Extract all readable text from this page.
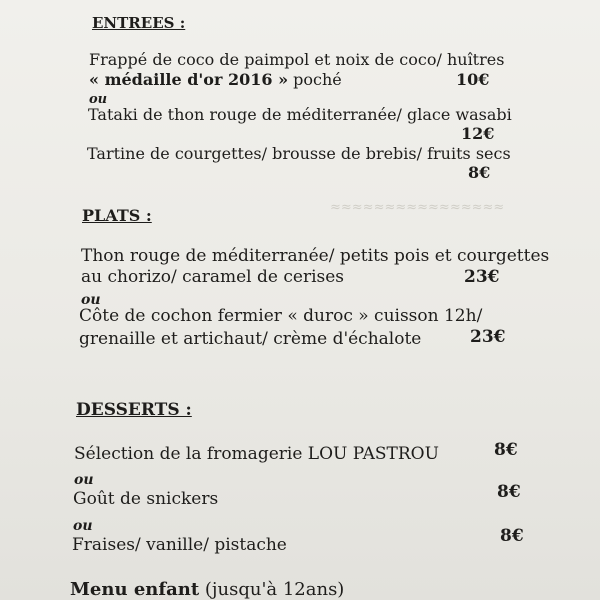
≈≈≈≈≈≈≈≈≈≈≈≈≈≈≈≈
ENTREES :
Frappé de coco de paimpol et noix de coco/ huîtres
« médaille d'or 2016 » poché	10€
ou
Tataki de thon rouge de méditerranée/ glace wasabi
12€
Tartine de courgettes/ brousse de brebis/ fruits secs
8€
PLATS :
Thon rouge de méditerranée/ petits pois et courgettes
au chorizo/ caramel de cerises	23€
ou
Côte de cochon fermier « duroc » cuisson 12h/
grenaille et artichaut/ crème d'échalote	23€
DESSERTS :
Sélection de la fromagerie LOU PASTROU	8€
ou
Goût de snickers	8€
ou
Fraises/ vanille/ pistache	8€
Menu enfant (jusqu'à 12ans)
